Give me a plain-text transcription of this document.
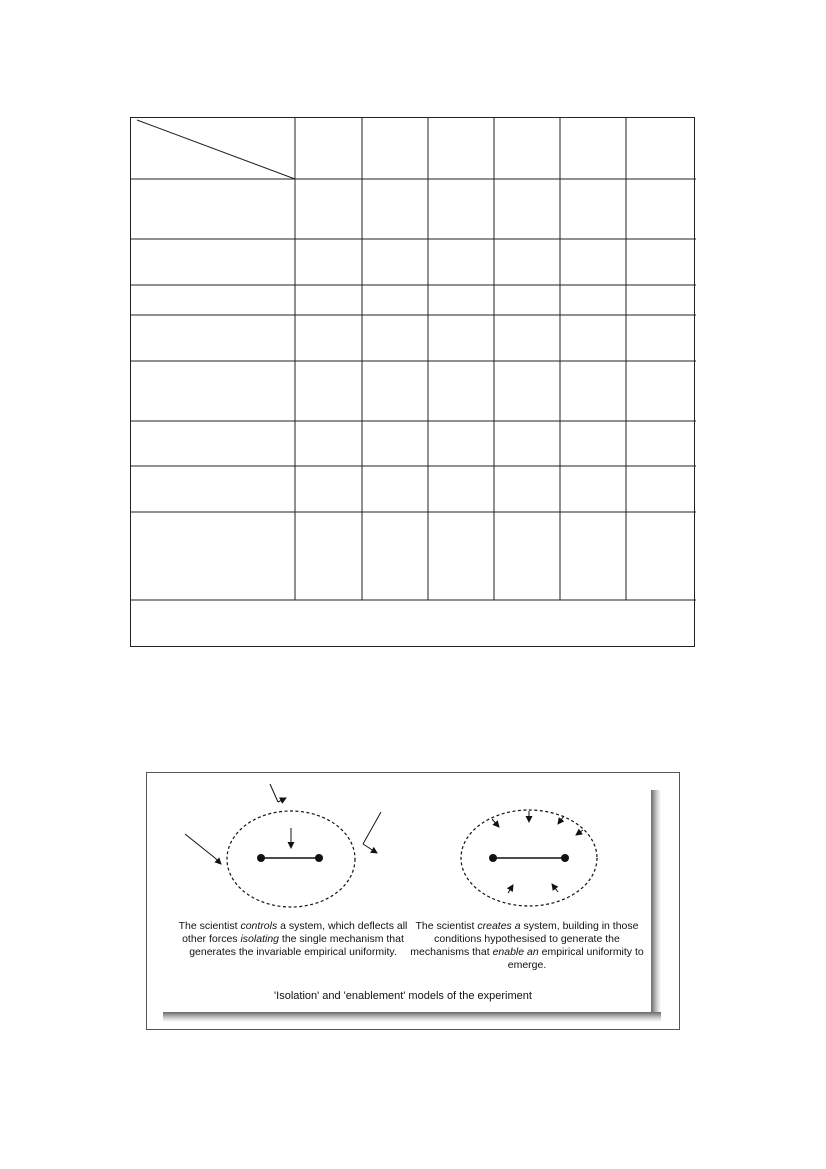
The scientist controls a system, which deflects all other forces isolating the single mechanism that generates the invariable empirical uniformity.
The scientist creates a system, building in those conditions hypothesised to generate the mechanisms that enable an empirical uniformity to emerge.
'Isolation' and 'enablement' models of the experiment
